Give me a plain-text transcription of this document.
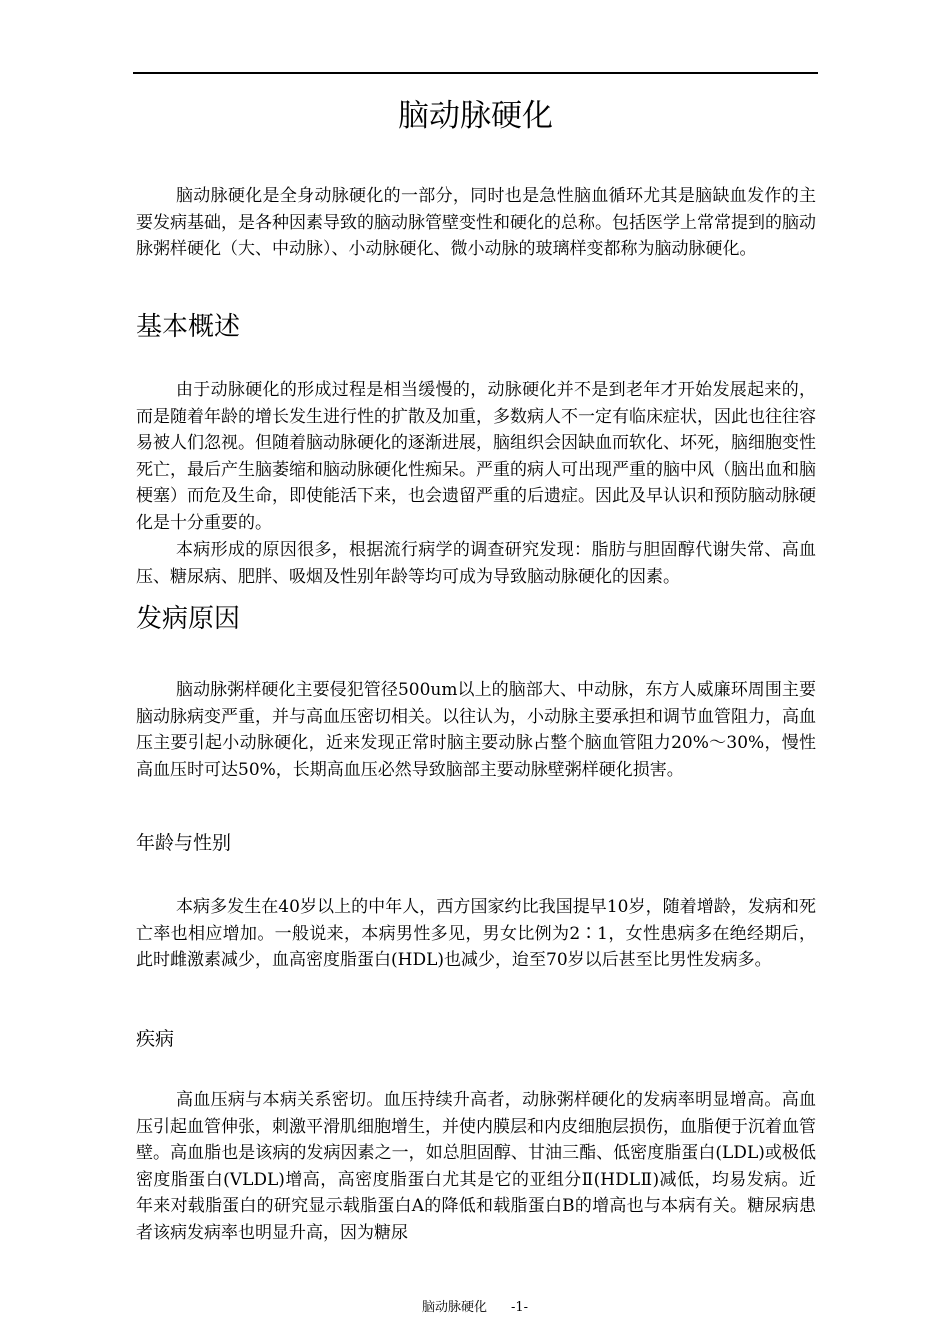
脑动脉硬化

脑动脉硬化是全身动脉硬化的一部分，同时也是急性脑血循环尤其是脑缺血发作的主要发病基础，是各种因素导致的脑动脉管壁变性和硬化的总称。包括医学上常常提到的脑动脉粥样硬化（大、中动脉）、小动脉硬化、微小动脉的玻璃样变都称为脑动脉硬化。

基本概述

由于动脉硬化的形成过程是相当缓慢的，动脉硬化并不是到老年才开始发展起来的，而是随着年龄的增长发生进行性的扩散及加重，多数病人不一定有临床症状，因此也往往容易被人们忽视。但随着脑动脉硬化的逐渐进展，脑组织会因缺血而软化、坏死，脑细胞变性死亡，最后产生脑萎缩和脑动脉硬化性痴呆。严重的病人可出现严重的脑中风（脑出血和脑梗塞）而危及生命，即使能活下来，也会遗留严重的后遗症。因此及早认识和预防脑动脉硬化是十分重要的。

本病形成的原因很多，根据流行病学的调查研究发现：脂肪与胆固醇代谢失常、高血压、糖尿病、肥胖、吸烟及性别年龄等均可成为导致脑动脉硬化的因素。

发病原因

脑动脉粥样硬化主要侵犯管径500um以上的脑部大、中动脉，东方人威廉环周围主要脑动脉病变严重，并与高血压密切相关。以往认为，小动脉主要承担和调节血管阻力，高血压主要引起小动脉硬化，近来发现正常时脑主要动脉占整个脑血管阻力20%～30%，慢性高血压时可达50%，长期高血压必然导致脑部主要动脉壁粥样硬化损害。

年龄与性别

本病多发生在40岁以上的中年人，西方国家约比我国提早10岁，随着增龄，发病和死亡率也相应增加。一般说来，本病男性多见，男女比例为2∶1，女性患病多在绝经期后，此时雌激素减少，血高密度脂蛋白(HDL)也减少，迨至70岁以后甚至比男性发病多。

疾病

高血压病与本病关系密切。血压持续升高者，动脉粥样硬化的发病率明显增高。高血压引起血管伸张，刺激平滑肌细胞增生，并使内膜层和内皮细胞层损伤，血脂便于沉着血管壁。高血脂也是该病的发病因素之一，如总胆固醇、甘油三酯、低密度脂蛋白(LDL)或极低密度脂蛋白(VLDL)增高，高密度脂蛋白尤其是它的亚组分Ⅱ(HDLⅡ)减低，均易发病。近年来对载脂蛋白的研究显示载脂蛋白A的降低和载脂蛋白B的增高也与本病有关。糖尿病患者该病发病率也明显升高，因为糖尿

脑动脉硬化 -1-
